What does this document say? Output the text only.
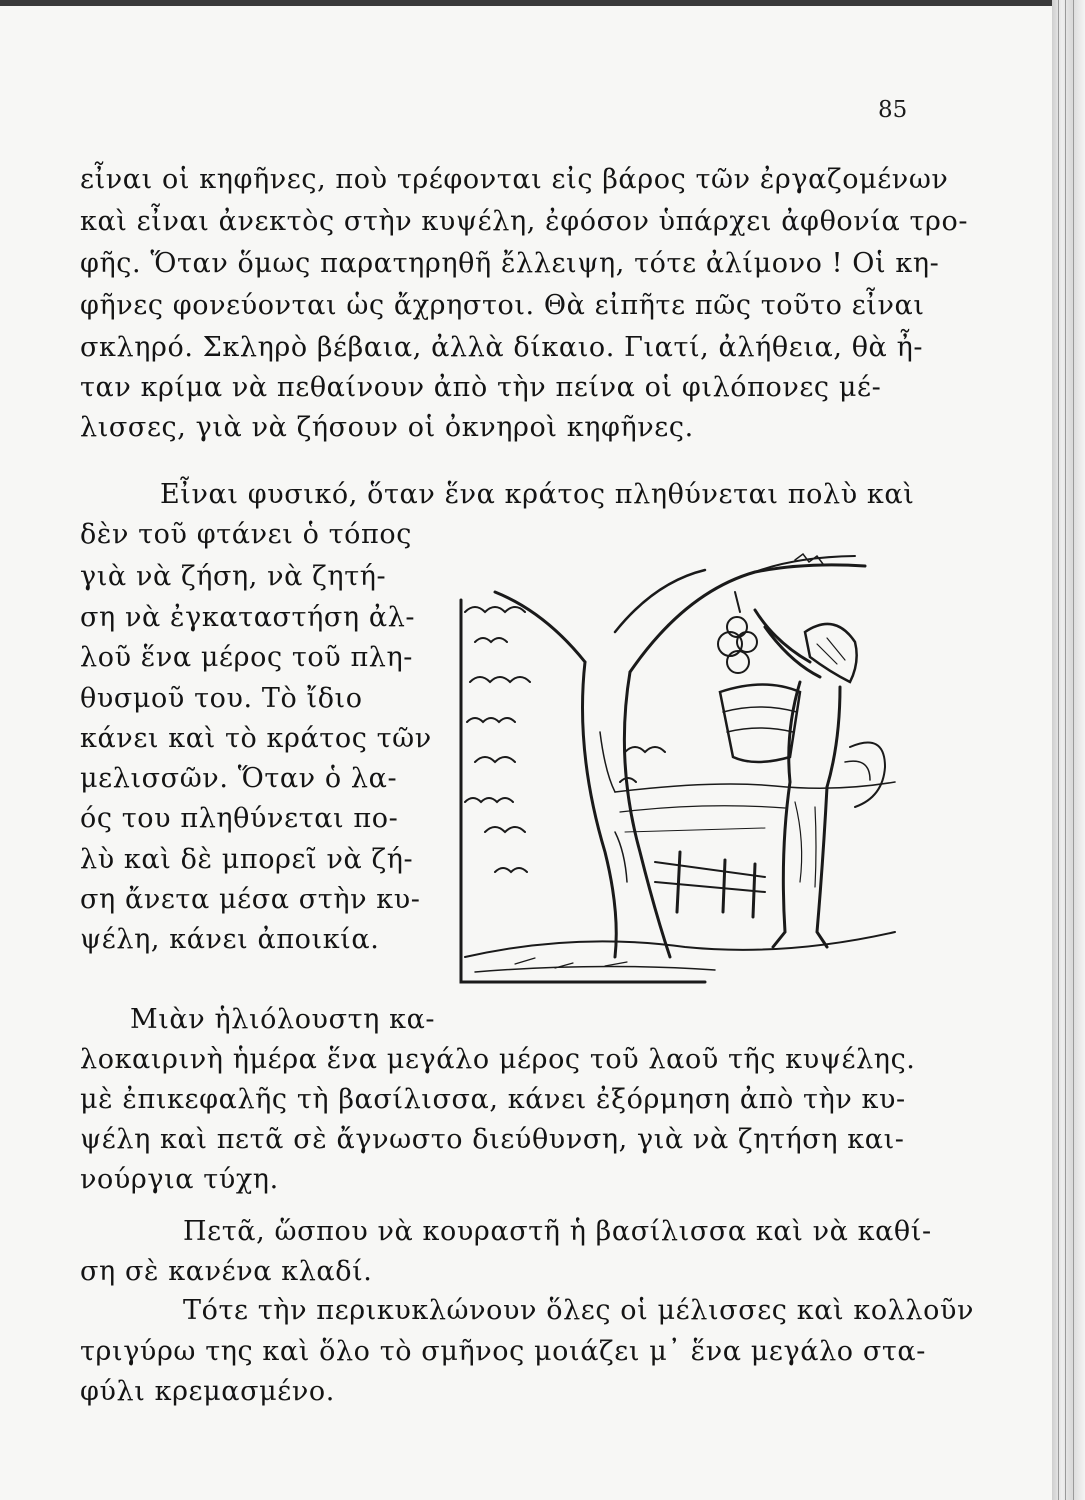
85
εἶναι οἱ κηφῆνες, ποὺ τρέφονται εἰς βάρος τῶν ἐργαζομένων
καὶ εἶναι ἀνεκτὸς στὴν κυψέλη, ἐφόσον ὑπάρχει ἀφθονία τρο-
φῆς. Ὅταν ὅμως παρατηρηθῆ ἔλλειψη, τότε ἀλίμονο ! Οἱ κη-
φῆνες φονεύονται ὡς ἄχρηστοι. Θὰ εἰπῆτε πῶς τοῦτο εἶναι
σκληρό. Σκληρὸ βέβαια, ἀλλὰ δίκαιο. Γιατί, ἀλήθεια, θὰ ἦ-
ταν κρίμα νὰ πεθαίνουν ἀπὸ τὴν πείνα οἱ φιλόπονες μέ-
λισσες, γιὰ νὰ ζήσουν οἱ ὀκνηροὶ κηφῆνες.
Εἶναι φυσικό, ὅταν ἕνα κράτος πληθύνεται πολὺ καὶ
δὲν τοῦ φτάνει ὁ τόπος
γιὰ νὰ ζήση, νὰ ζητή-
ση νὰ ἐγκαταστήση ἀλ-
λοῦ ἕνα μέρος τοῦ πλη-
θυσμοῦ του. Τὸ ἴδιο
κάνει καὶ τὸ κράτος τῶν
μελισσῶν. Ὅταν ὁ λα-
ός του πληθύνεται πο-
λὺ καὶ δὲ μπορεῖ νὰ ζή-
ση ἄνετα μέσα στὴν κυ-
ψέλη, κάνει ἀποικία.
Μιὰν ἡλιόλουστη κα-
λοκαιρινὴ ἡμέρα ἕνα μεγάλο μέρος τοῦ λαοῦ τῆς κυψέλης.
μὲ ἐπικεφαλῆς τὴ βασίλισσα, κάνει ἐξόρμηση ἀπὸ τὴν κυ-
ψέλη καὶ πετᾶ σὲ ἄγνωστο διεύθυνση, γιὰ νὰ ζητήση και-
νούργια τύχη.
Πετᾶ, ὥσπου νὰ κουραστῆ ἡ βασίλισσα καὶ νὰ καθί-
ση σὲ κανένα κλαδί.
Τότε τὴν περικυκλώνουν ὅλες οἱ μέλισσες καὶ κολλοῦν
τριγύρω της καὶ ὅλο τὸ σμῆνος μοιάζει μ᾿ ἕνα μεγάλο στα-
φύλι κρεμασμένο.
